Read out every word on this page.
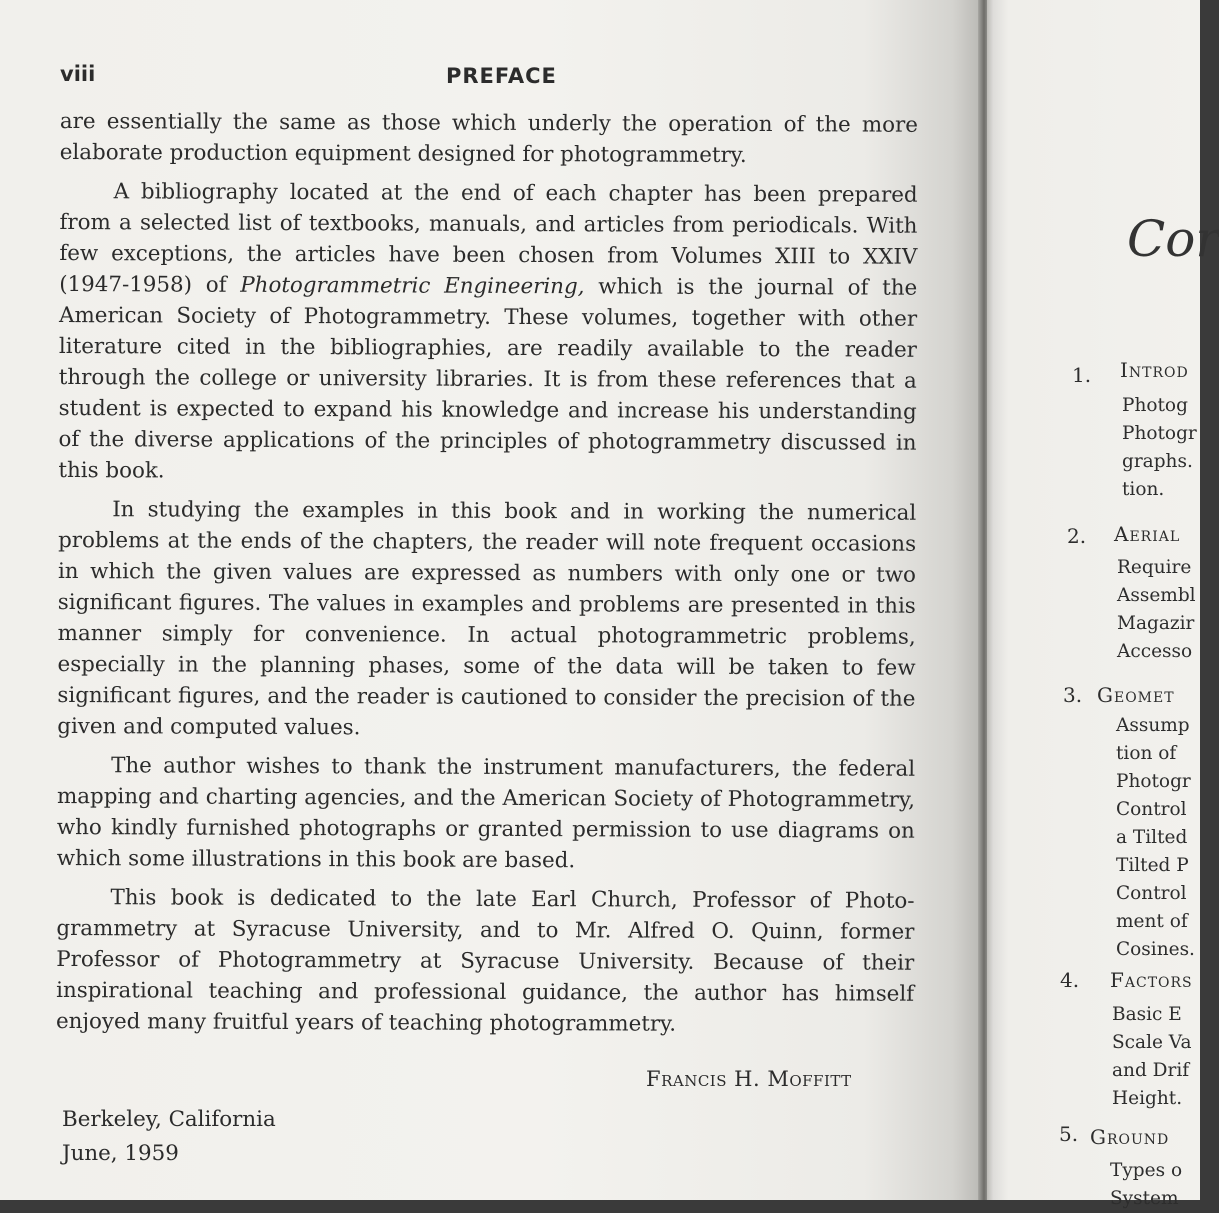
viii	PREFACE

are essentially the same as those which underly the operation of the more elaborate production equipment designed for photogrammetry.

A bibliography located at the end of each chapter has been prepared from a selected list of textbooks, manuals, and articles from periodicals. With few exceptions, the articles have been chosen from Volumes XIII to XXIV (1947-1958) of Photogrammetric Engineering, which is the journal of the American Society of Photogrammetry. These volumes, together with other literature cited in the bibliographies, are readily available to the reader through the college or university libraries. It is from these references that a student is expected to expand his knowledge and increase his understanding of the diverse applications of the principles of photogrammetry discussed in this book.

In studying the examples in this book and in working the numerical problems at the ends of the chapters, the reader will note frequent occasions in which the given values are expressed as numbers with only one or two significant figures. The values in examples and problems are presented in this manner simply for convenience. In actual photogrammetric problems, especially in the planning phases, some of the data will be taken to few significant figures, and the reader is cautioned to consider the precision of the given and computed values.

The author wishes to thank the instrument manufacturers, the federal mapping and charting agencies, and the American Society of Photogrammetry, who kindly furnished photographs or granted permission to use diagrams on which some illustrations in this book are based.

This book is dedicated to the late Earl Church, Professor of Photogrammetry at Syracuse University, and to Mr. Alfred O. Quinn, former Professor of Photogrammetry at Syracuse University. Because of their inspirational teaching and professional guidance, the author has himself enjoyed many fruitful years of teaching photogrammetry.

Francis H. Moffitt
Berkeley, California
June, 1959
Cor
1. Introd
Photog
Photogr
graphs.
tion.
2. Aerial
Require
Assembl
Magazir
Accesso
3. Geomet
Assump
tion of
Photogr
Control
a Tilted
Tilted P
Control
ment of
Cosines.
4. Factors
Basic E
Scale Va
and Drif
Height.
5. Ground
Types o
System
